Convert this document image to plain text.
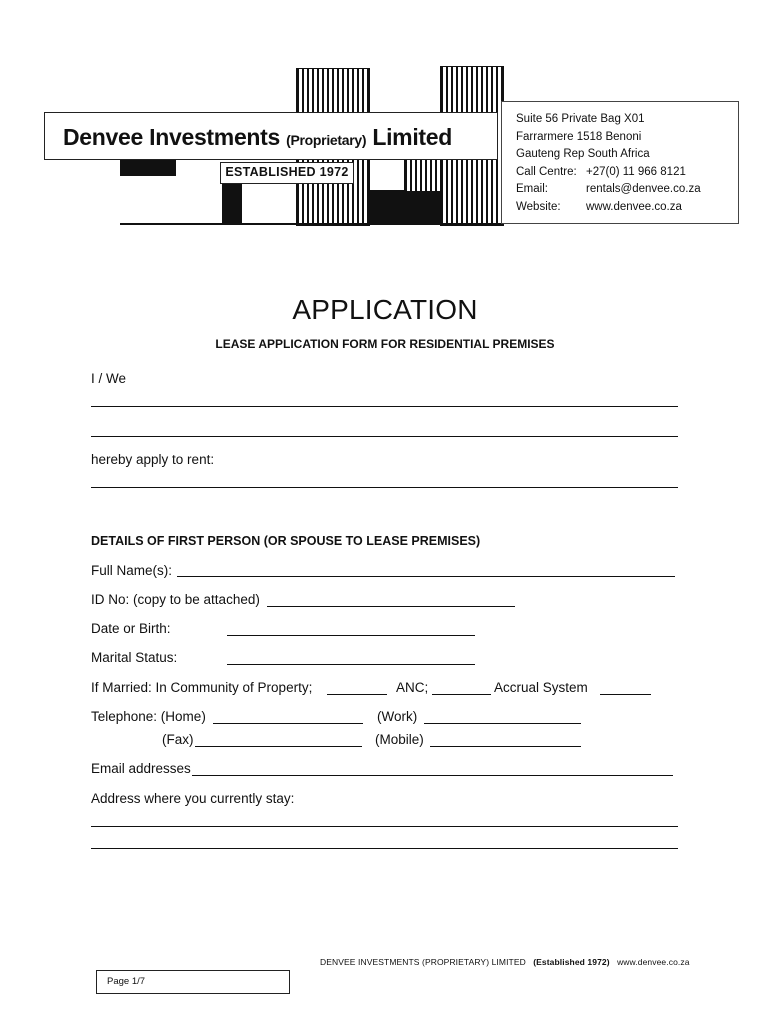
Denvee Investments (Proprietary) Limited
ESTABLISHED 1972
Suite 56 Private Bag X01
Farrarmere 1518 Benoni
Gauteng Rep South Africa
Call Centre: +27(0) 11 966 8121
Email:	rentals@denvee.co.za
Website: www.denvee.co.za
APPLICATION
LEASE APPLICATION FORM FOR RESIDENTIAL PREMISES
I / We
hereby apply to rent:
DETAILS OF FIRST PERSON (OR SPOUSE TO LEASE PREMISES)
Full Name(s):
ID No: (copy to be attached)
Date or Birth:
Marital Status:
If Married: In Community of Property;	ANC;	Accrual System
Telephone: (Home)	(Work)
(Fax)	(Mobile)
Email addresses
Address where you currently stay:
DENVEE INVESTMENTS (PROPRIETARY) LIMITED (Established 1972) www.denvee.co.za
Page 1/7
